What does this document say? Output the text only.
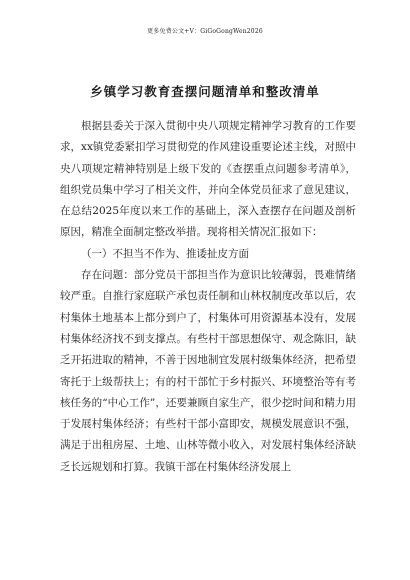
更多免费公文+V：GiGoGongWen2026
乡镇学习教育查摆问题清单和整改清单

根据县委关于深入贯彻中央八项规定精神学习教育的工作要求，xx镇党委紧扣学习贯彻党的作风建设重要论述主线，对照中央八项规定精神特别是上级下发的《查摆重点问题参考清单》，组织党员集中学习了相关文件，并向全体党员征求了意见建议，在总结2025年度以来工作的基础上，深入查摆存在问题及剖析原因，精准全面制定整改举措。现将相关情况汇报如下：

（一）不担当不作为、推诿扯皮方面

存在问题：部分党员干部担当作为意识比较薄弱，畏难情绪较严重。自推行家庭联产承包责任制和山林权制度改革以后，农村集体土地基本上都分到户了，村集体可用资源基本没有，发展村集体经济找不到支撑点。有些村干部思想保守、观念陈旧，缺乏开拓进取的精神，不善于因地制宜发展村级集体经济，把希望寄托于上级帮扶上；有的村干部忙于乡村振兴、环境整治等有考核任务的“中心工作”，还要兼顾自家生产，很少挖时间和精力用于发展村集体经济；有些村干部小富即安，规模发展意识不强，满足于出租房屋、土地、山林等微小收入，对发展村集体经济缺乏长远规划和打算。我镇干部在村集体经济发展上
